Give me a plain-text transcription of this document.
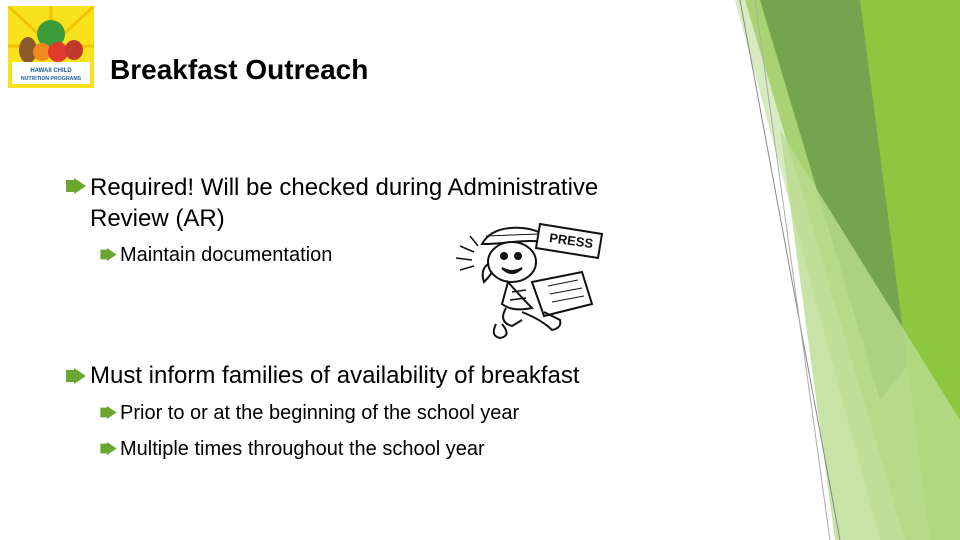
HAWAII CHILD
NUTRITION PROGRAMS Breakfast Outreach
Required! Will be checked during Administrative
Review (AR)
Maintain documentation
PRESS
Must inform families of availability of breakfast
Prior to or at the beginning of the school year
Multiple times throughout the school year
